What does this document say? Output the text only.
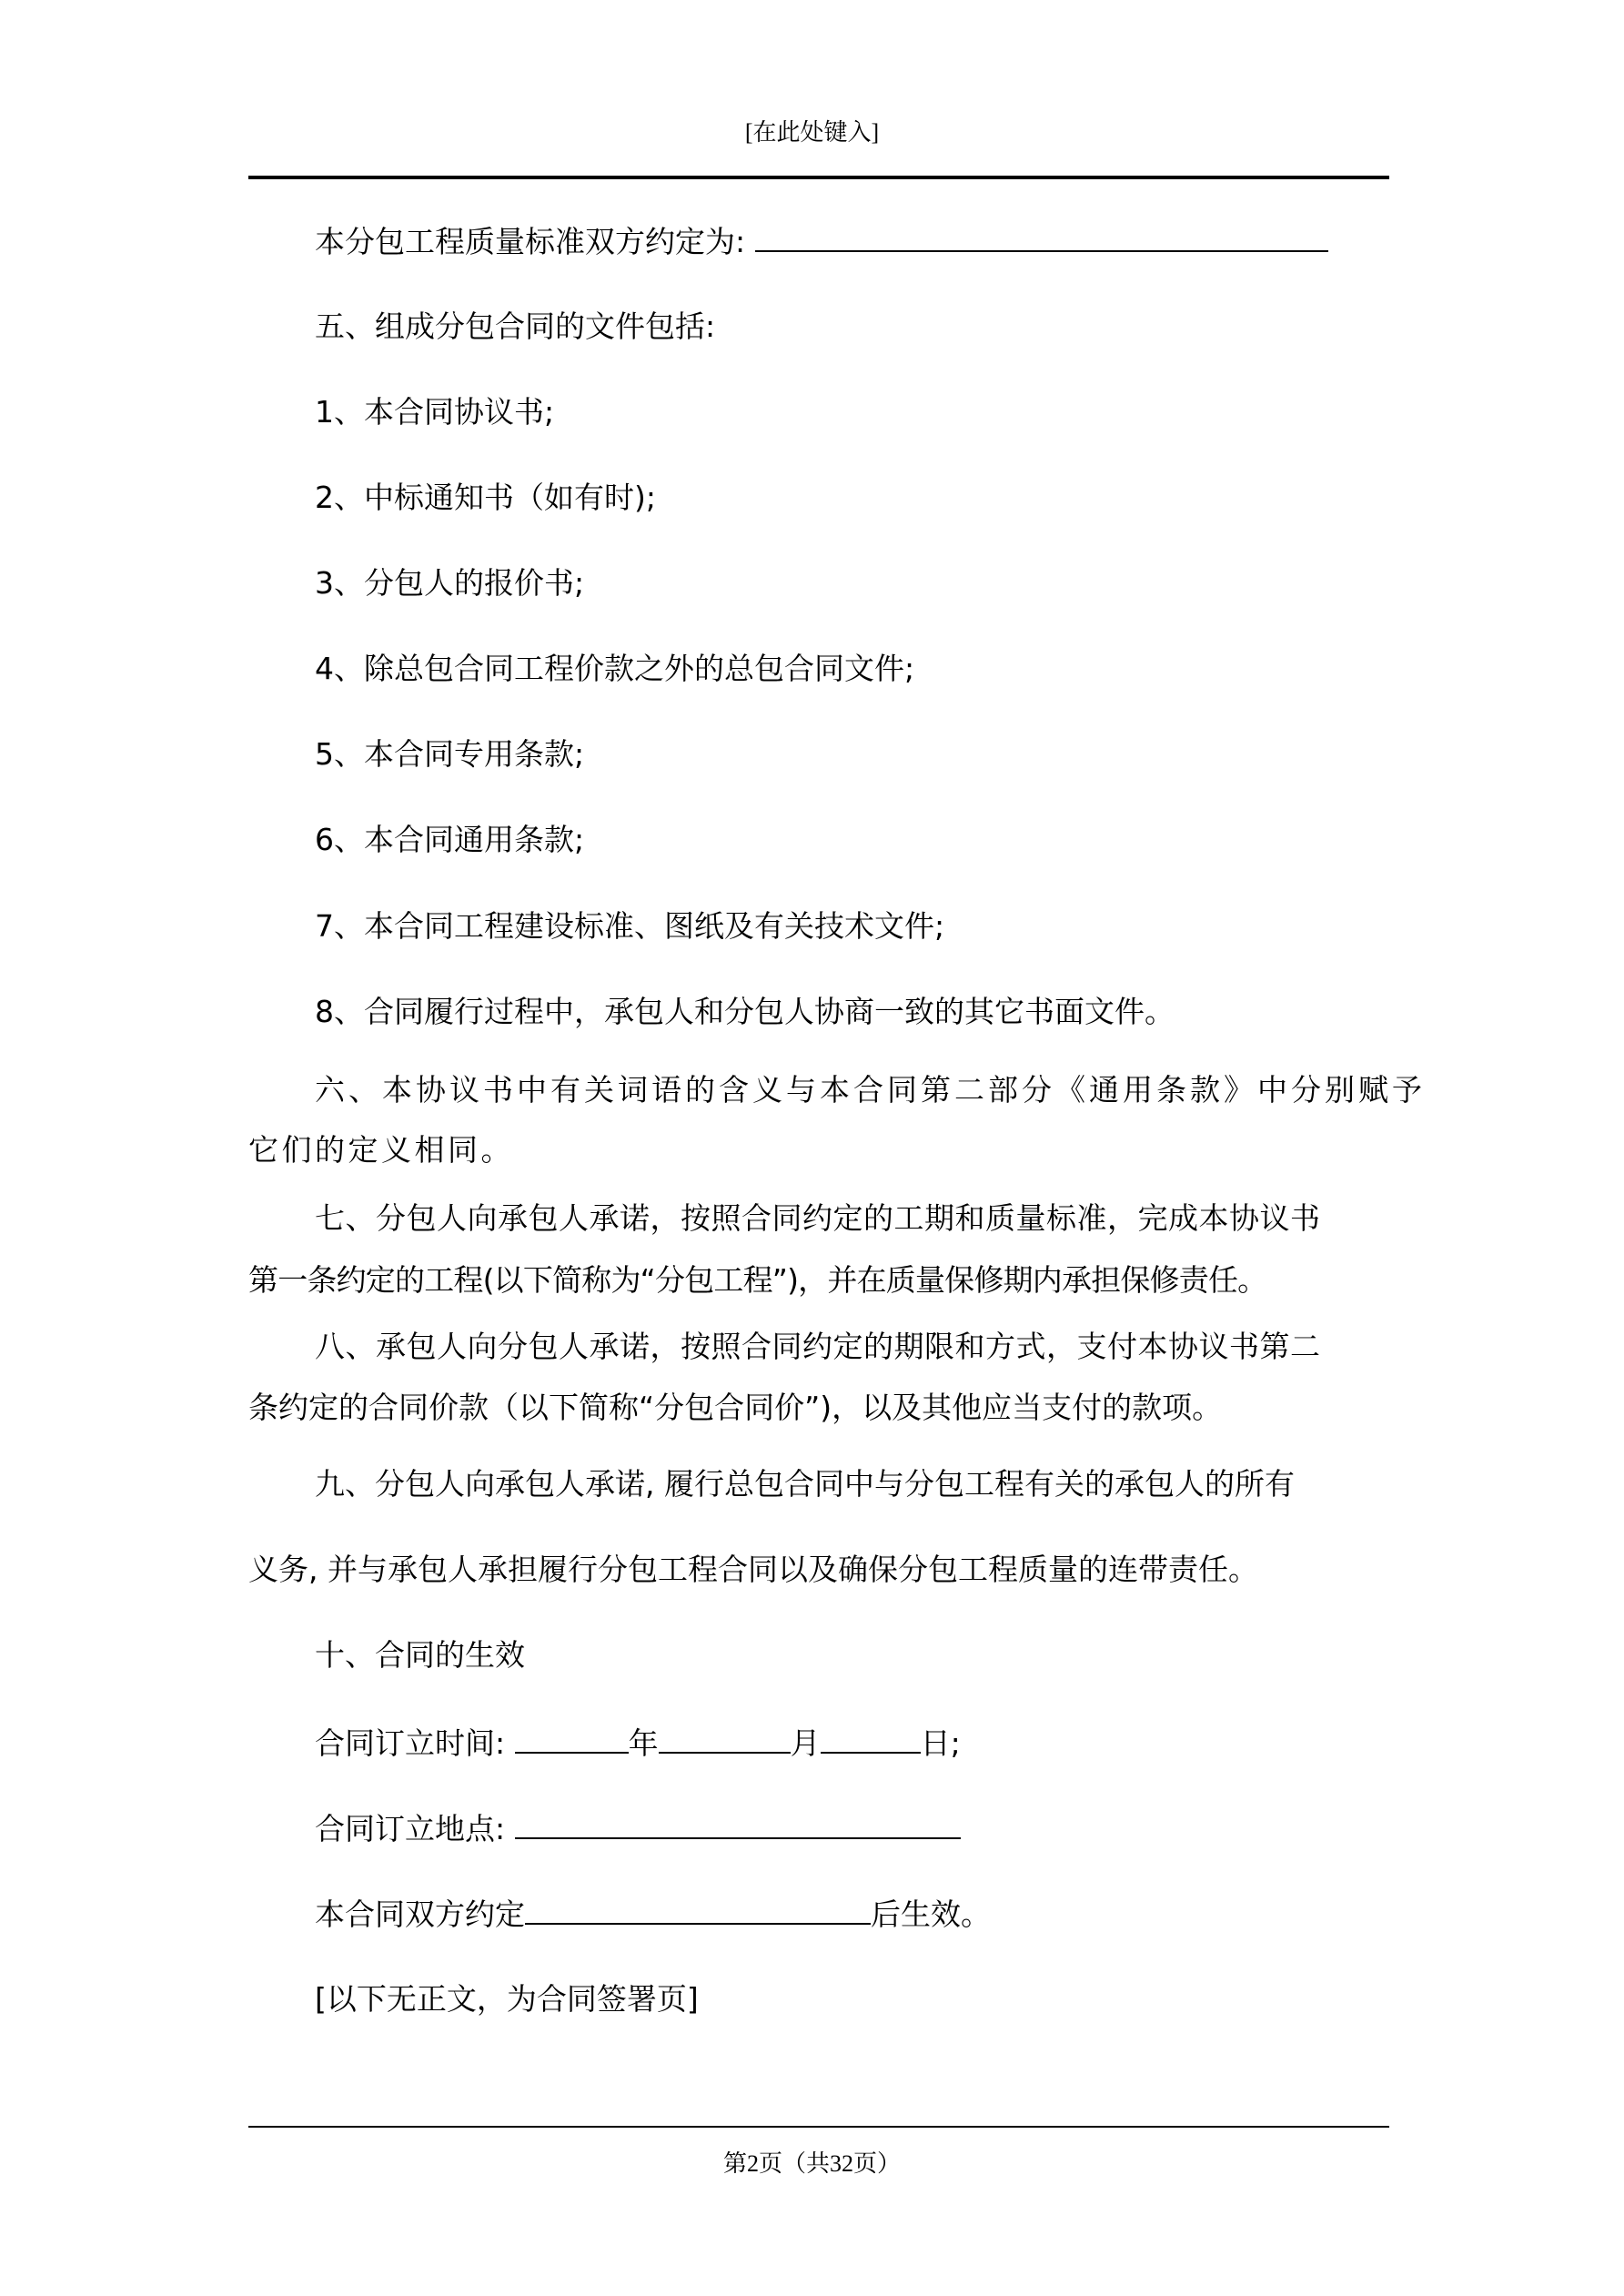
[在此处键入]
本分包工程质量标准双方约定为:
五、组成分包合同的文件包括:
1、本合同协议书;
2、中标通知书（如有时);
3、分包人的报价书;
4、除总包合同工程价款之外的总包合同文件;
5、本合同专用条款;
6、本合同通用条款;
7、本合同工程建设标准、图纸及有关技术文件;
8、合同履行过程中，承包人和分包人协商一致的其它书面文件。
六、本协议书中有关词语的含义与本合同第二部分《通用条款》中分别赋予
它们的定义相同。
七、分包人向承包人承诺，按照合同约定的工期和质量标准，完成本协议书
第一条约定的工程(以下简称为“分包工程”)，并在质量保修期内承担保修责任。
八、承包人向分包人承诺，按照合同约定的期限和方式，支付本协议书第二
条约定的合同价款（以下简称“分包合同价”)，以及其他应当支付的款项。
九、分包人向承包人承诺, 履行总包合同中与分包工程有关的承包人的所有
义务, 并与承包人承担履行分包工程合同以及确保分包工程质量的连带责任。
十、合同的生效
合同订立时间:	年	月	日;
合同订立地点:
本合同双方约定	后生效。
[以下无正文，为合同签署页]
第2页（共32页）
